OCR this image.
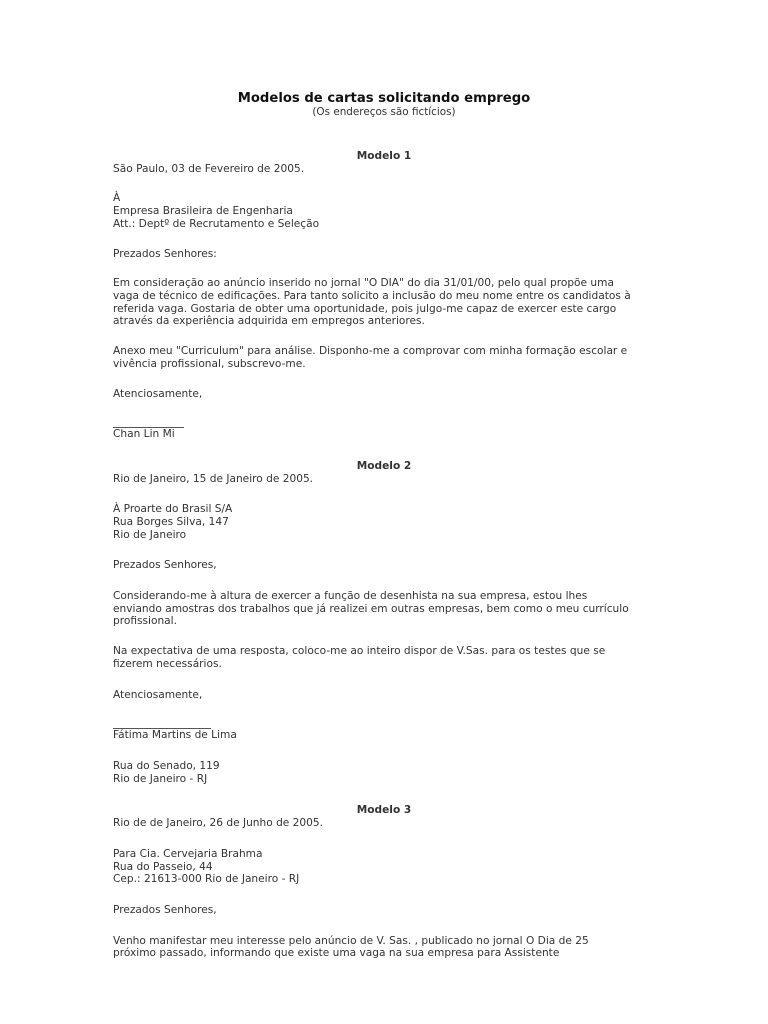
Modelos de cartas solicitando emprego
(Os endereços são fictícios)
Modelo 1

São Paulo, 03 de Fevereiro de 2005.

À
Empresa Brasileira de Engenharia
Att.: Deptº de Recrutamento e Seleção

Prezados Senhores:

Em consideração ao anúncio inserido no jornal "O DIA" do dia 31/01/00, pelo qual propõe uma
vaga de técnico de edificações. Para tanto solicito a inclusão do meu nome entre os candidatos à
referida vaga. Gostaria de obter uma oportunidade, pois julgo-me capaz de exercer este cargo
através da experiência adquirida em empregos anteriores.
Anexo meu "Curriculum" para análise. Disponho-me a comprovar com minha formação escolar e
vivência profissional, subscrevo-me.

Atenciosamente,

Chan Lin Mi
Modelo 2

Rio de Janeiro, 15 de Janeiro de 2005.

À Proarte do Brasil S/A
Rua Borges Silva, 147
Rio de Janeiro

Prezados Senhores,

Considerando-me à altura de exercer a função de desenhista na sua empresa, estou lhes
enviando amostras dos trabalhos que já realizei em outras empresas, bem como o meu currículo
profissional.
Na expectativa de uma resposta, coloco-me ao inteiro dispor de V.Sas. para os testes que se
fizerem necessários.

Atenciosamente,

Fátima Martins de Lima
Rua do Senado, 119
Rio de Janeiro - RJ
Modelo 3

Rio de de Janeiro, 26 de Junho de 2005.

Para Cia. Cervejaria Brahma
Rua do Passeio, 44
Cep.: 21613-000 Rio de Janeiro - RJ

Prezados Senhores,

Venho manifestar meu interesse pelo anúncio de V. Sas. , publicado no jornal O Dia de 25
próximo passado, informando que existe uma vaga na sua empresa para Assistente
